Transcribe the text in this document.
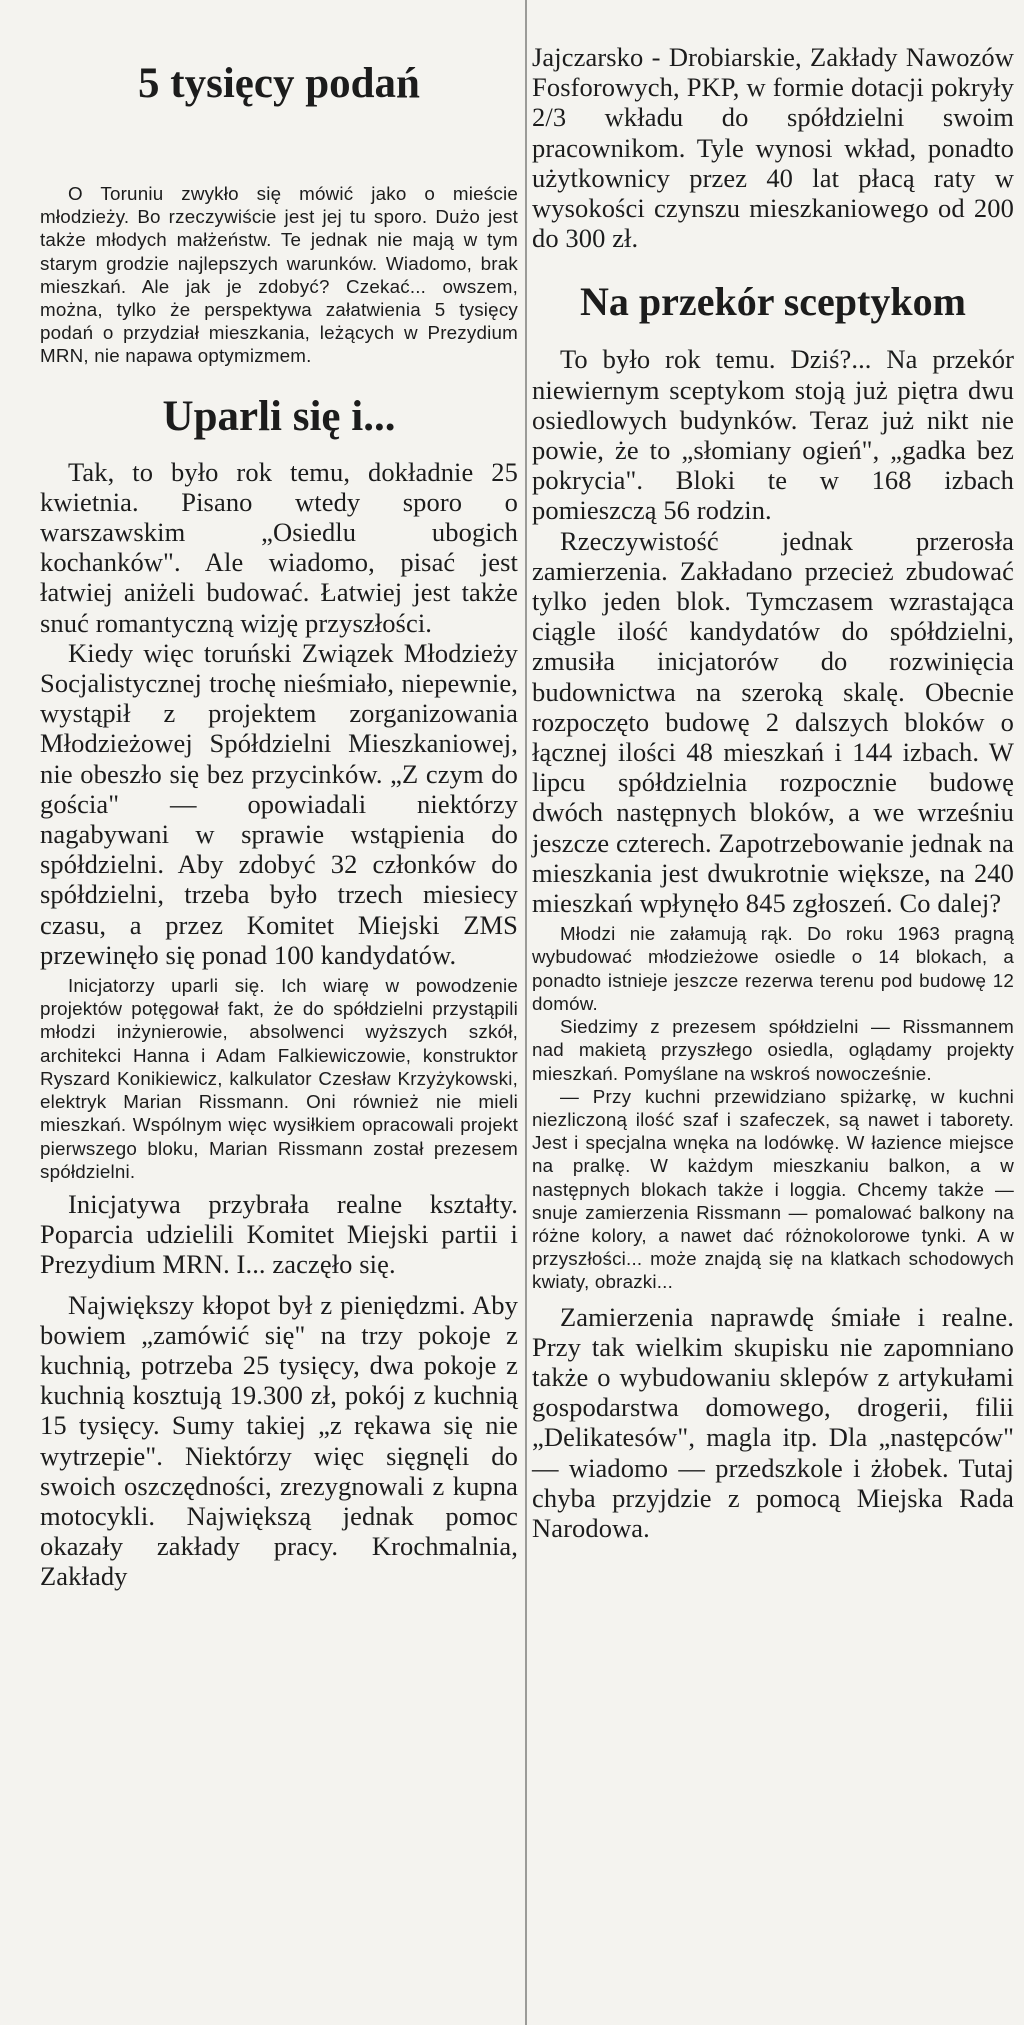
5 tysięcy podań

O Toruniu zwykło się mówić jako o mieście młodzieży. Bo rzeczywiście jest jej tu sporo. Dużo jest także młodych małżeństw. Te jednak nie mają w tym starym grodzie najlepszych warunków. Wiadomo, brak mieszkań. Ale jak je zdobyć? Czekać... owszem, można, tylko że perspektywa załatwienia 5 tysięcy podań o przydział mieszkania, leżących w Prezydium MRN, nie napawa optymizmem.

Uparli się i...

Tak, to było rok temu, dokładnie 25 kwietnia. Pisano wtedy sporo o warszawskim „Osiedlu ubogich kochanków". Ale wiadomo, pisać jest łatwiej aniżeli budować. Łatwiej jest także snuć romantyczną wizję przyszłości.

Kiedy więc toruński Związek Młodzieży Socjalistycznej trochę nieśmiało, niepewnie, wystąpił z projektem zorganizowania Młodzieżowej Spółdzielni Mieszkaniowej, nie obeszło się bez przycinków. „Z czym do gościa" — opowiadali niektórzy nagabywani w sprawie wstąpienia do spółdzielni. Aby zdobyć 32 członków do spółdzielni, trzeba było trzech miesiecy czasu, a przez Komitet Miejski ZMS przewinęło się ponad 100 kandydatów.

Inicjatorzy uparli się. Ich wiarę w powodzenie projektów potęgował fakt, że do spółdzielni przystąpili młodzi inżynierowie, absolwenci wyższych szkół, architekci Hanna i Adam Falkiewiczowie, konstruktor Ryszard Konikiewicz, kalkulator Czesław Krzyżykowski, elektryk Marian Rissmann. Oni również nie mieli mieszkań. Wspólnym więc wysiłkiem opracowali projekt pierwszego bloku, Marian Rissmann został prezesem spółdzielni.

Inicjatywa przybrała realne kształty. Poparcia udzielili Komitet Miejski partii i Prezydium MRN. I... zaczęło się.

Największy kłopot był z pieniędzmi. Aby bowiem „zamówić się" na trzy pokoje z kuchnią, potrzeba 25 tysięcy, dwa pokoje z kuchnią kosztują 19.300 zł, pokój z kuchnią 15 tysięcy. Sumy takiej „z rękawa się nie wytrzepie". Niektórzy więc sięgnęli do swoich oszczędności, zrezygnowali z kupna motocykli. Największą jednak pomoc okazały zakłady pracy. Krochmalnia, Zakłady

Jajczarsko - Drobiarskie, Zakłady Nawozów Fosforowych, PKP, w formie dotacji pokryły 2/3 wkładu do spółdzielni swoim pracownikom. Tyle wynosi wkład, ponadto użytkownicy przez 40 lat płacą raty w wysokości czynszu mieszkaniowego od 200 do 300 zł.

Na przekór sceptykom

To było rok temu. Dziś?... Na przekór niewiernym sceptykom stoją już piętra dwu osiedlowych budynków. Teraz już nikt nie powie, że to „słomiany ogień", „gadka bez pokrycia". Bloki te w 168 izbach pomieszczą 56 rodzin.

Rzeczywistość jednak przerosła zamierzenia. Zakładano przecież zbudować tylko jeden blok. Tymczasem wzrastająca ciągle ilość kandydatów do spółdzielni, zmusiła inicjatorów do rozwinięcia budownictwa na szeroką skalę. Obecnie rozpoczęto budowę 2 dalszych bloków o łącznej ilości 48 mieszkań i 144 izbach. W lipcu spółdzielnia rozpocznie budowę dwóch następnych bloków, a we wrześniu jeszcze czterech. Zapotrzebowanie jednak na mieszkania jest dwukrotnie większe, na 240 mieszkań wpłynęło 845 zgłoszeń. Co dalej?

Młodzi nie załamują rąk. Do roku 1963 pragną wybudować młodzieżowe osiedle o 14 blokach, a ponadto istnieje jeszcze rezerwa terenu pod budowę 12 domów.

Siedzimy z prezesem spółdzielni — Rissmannem nad makietą przyszłego osiedla, oglądamy projekty mieszkań. Pomyślane na wskroś nowocześnie.

— Przy kuchni przewidziano spiżarkę, w kuchni niezliczoną ilość szaf i szafeczek, są nawet i taborety. Jest i specjalna wnęka na lodówkę. W łazience miejsce na pralkę. W każdym mieszkaniu balkon, a w następnych blokach także i loggia. Chcemy także — snuje zamierzenia Rissmann — pomalować balkony na różne kolory, a nawet dać różnokolorowe tynki. A w przyszłości... może znajdą się na klatkach schodowych kwiaty, obrazki...

Zamierzenia naprawdę śmiałe i realne. Przy tak wielkim skupisku nie zapomniano także o wybudowaniu sklepów z artykułami gospodarstwa domowego, drogerii, filii „Delikatesów", magla itp. Dla „następców" — wiadomo — przedszkole i żłobek. Tutaj chyba przyjdzie z pomocą Miejska Rada Narodowa.
